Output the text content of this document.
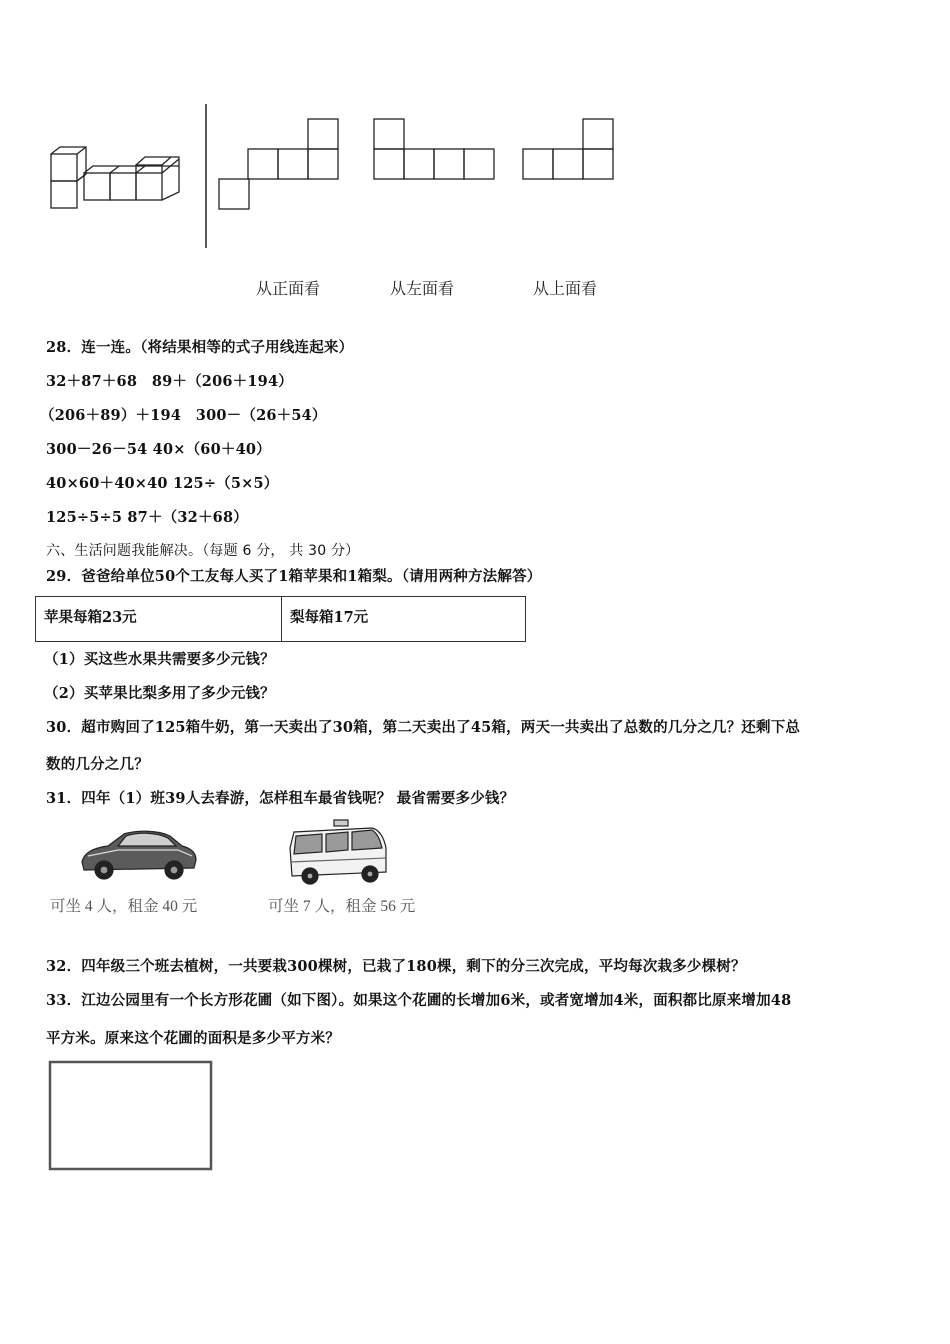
从正面看	从左面看	从上面看
28．连一连。（将结果相等的式子用线连起来）
32＋87＋68　89＋（206＋194）
（206＋89）＋194　300－（26＋54）
300－26－54 40×（60＋40）
40×60＋40×40 125÷（5×5）
125÷5÷5 87＋（32＋68）
六、生活问题我能解决。（每题 6 分， 共 30 分）
29．爸爸给单位50个工友每人买了1箱苹果和1箱梨。（请用两种方法解答）
苹果每箱23元	梨每箱17元
（1）买这些水果共需要多少元钱？
（2）买苹果比梨多用了多少元钱？
30．超市购回了125箱牛奶，第一天卖出了30箱，第二天卖出了45箱，两天一共卖出了总数的几分之几？还剩下总
数的几分之几？
31．四年（1）班39人去春游，怎样租车最省钱呢？ 最省需要多少钱？
可坐 4 人，租金 40 元	可坐 7 人，租金 56 元
32．四年级三个班去植树，一共要栽300棵树，已栽了180棵，剩下的分三次完成，平均每次栽多少棵树？
33．江边公园里有一个长方形花圃（如下图）。如果这个花圃的长增加6米，或者宽增加4米，面积都比原来增加48
平方米。原来这个花圃的面积是多少平方米？
